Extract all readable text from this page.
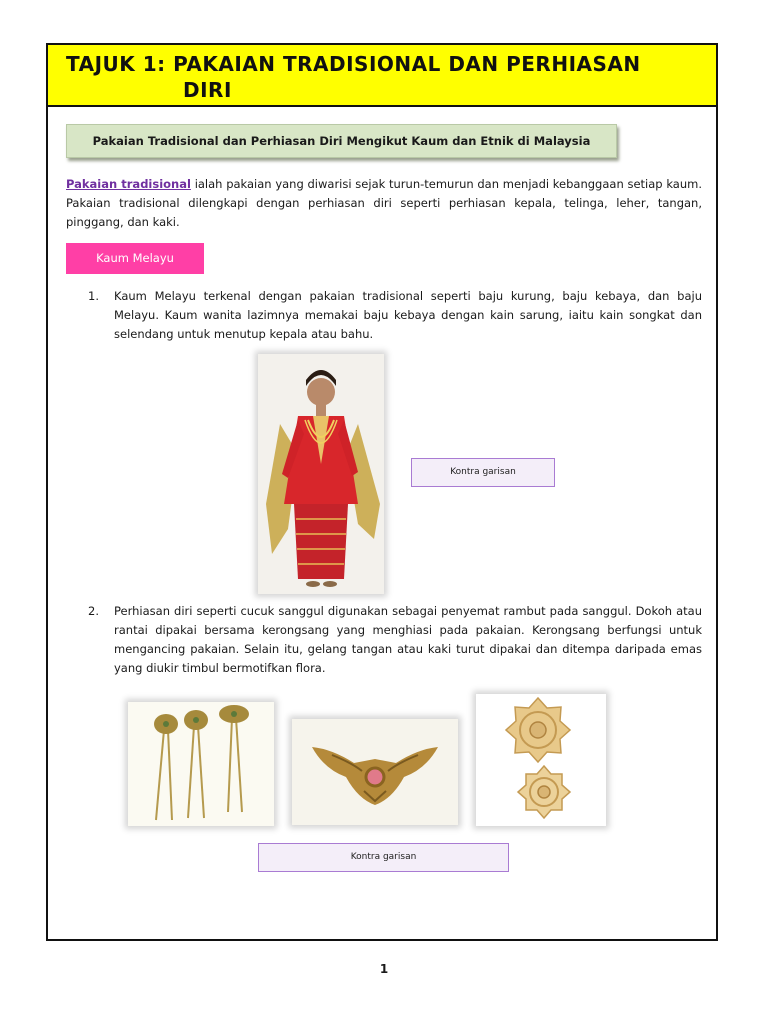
TAJUK 1: PAKAIAN TRADISIONAL DAN PERHIASAN
DIRI
Pakaian Tradisional dan Perhiasan Diri Mengikut Kaum dan Etnik di Malaysia
Pakaian tradisional ialah pakaian yang diwarisi sejak turun-temurun dan menjadi kebanggaan setiap kaum. Pakaian tradisional dilengkapi dengan perhiasan diri seperti perhiasan kepala, telinga, leher, tangan, pinggang, dan kaki.
Kaum Melayu
1.	Kaum Melayu terkenal dengan pakaian tradisional seperti baju kurung, baju kebaya, dan baju Melayu. Kaum wanita lazimnya memakai baju kebaya dengan kain sarung, iaitu kain songkat dan selendang untuk menutup kepala atau bahu.
Kontra garisan
2.	Perhiasan diri seperti cucuk sanggul digunakan sebagai penyemat rambut pada sanggul. Dokoh atau rantai dipakai bersama kerongsang yang menghiasi pada pakaian. Kerongsang berfungsi untuk mengancing pakaian. Selain itu, gelang tangan atau kaki turut dipakai dan ditempa daripada emas yang diukir timbul bermotifkan flora.
Kontra garisan
1
